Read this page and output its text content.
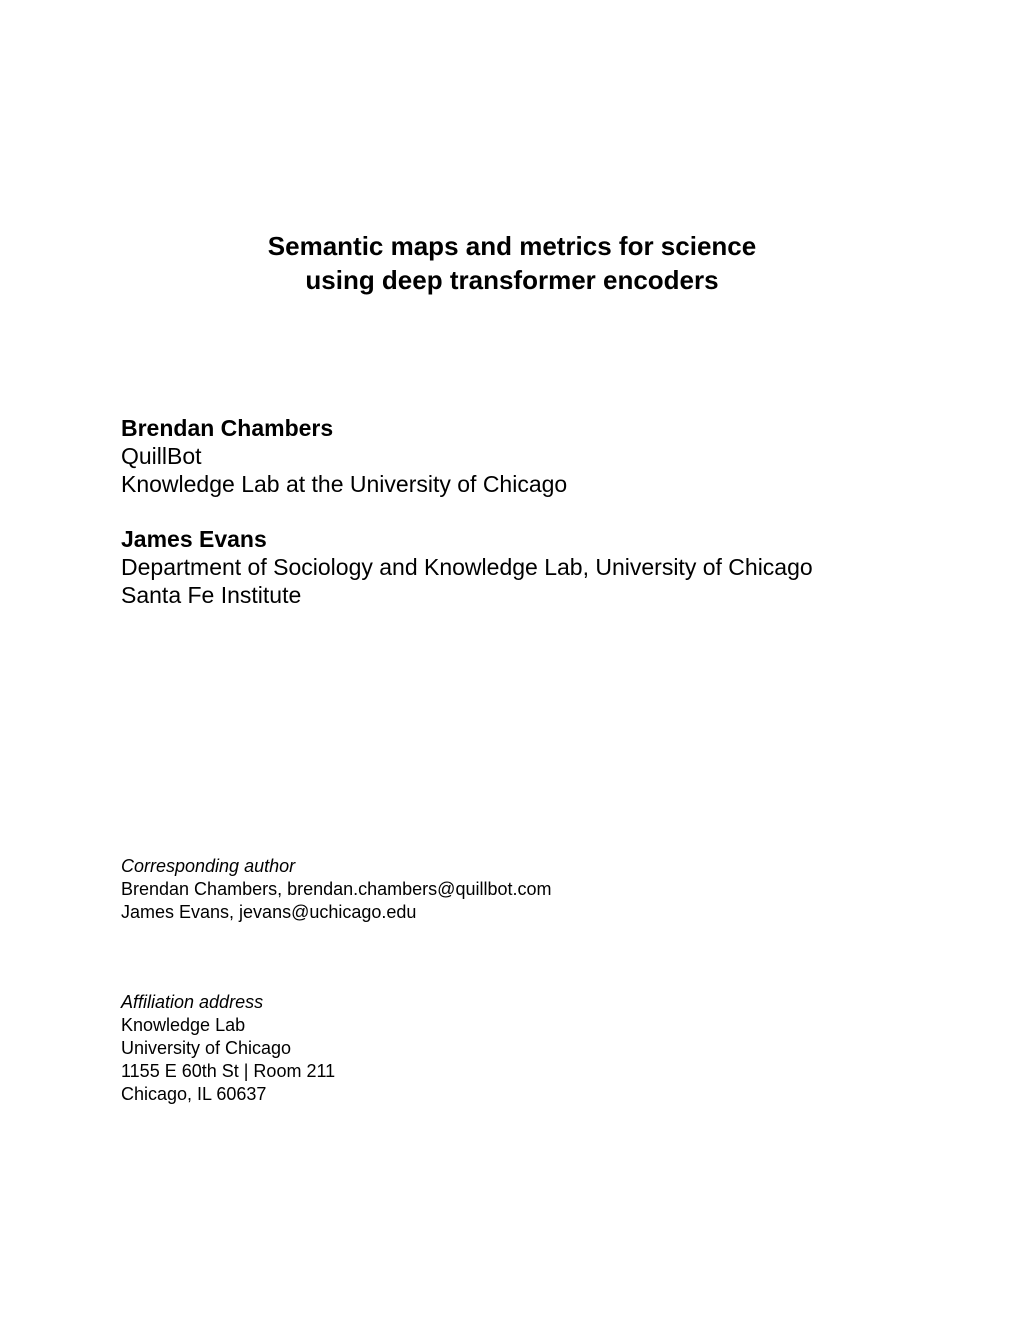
Semantic maps and metrics for science
using deep transformer encoders
Brendan Chambers
QuillBot
Knowledge Lab at the University of Chicago
James Evans
Department of Sociology and Knowledge Lab, University of Chicago
Santa Fe Institute
Corresponding author
Brendan Chambers, brendan.chambers@quillbot.com
James Evans, jevans@uchicago.edu
Affiliation address
Knowledge Lab
University of Chicago
1155 E 60th St | Room 211
Chicago, IL 60637
